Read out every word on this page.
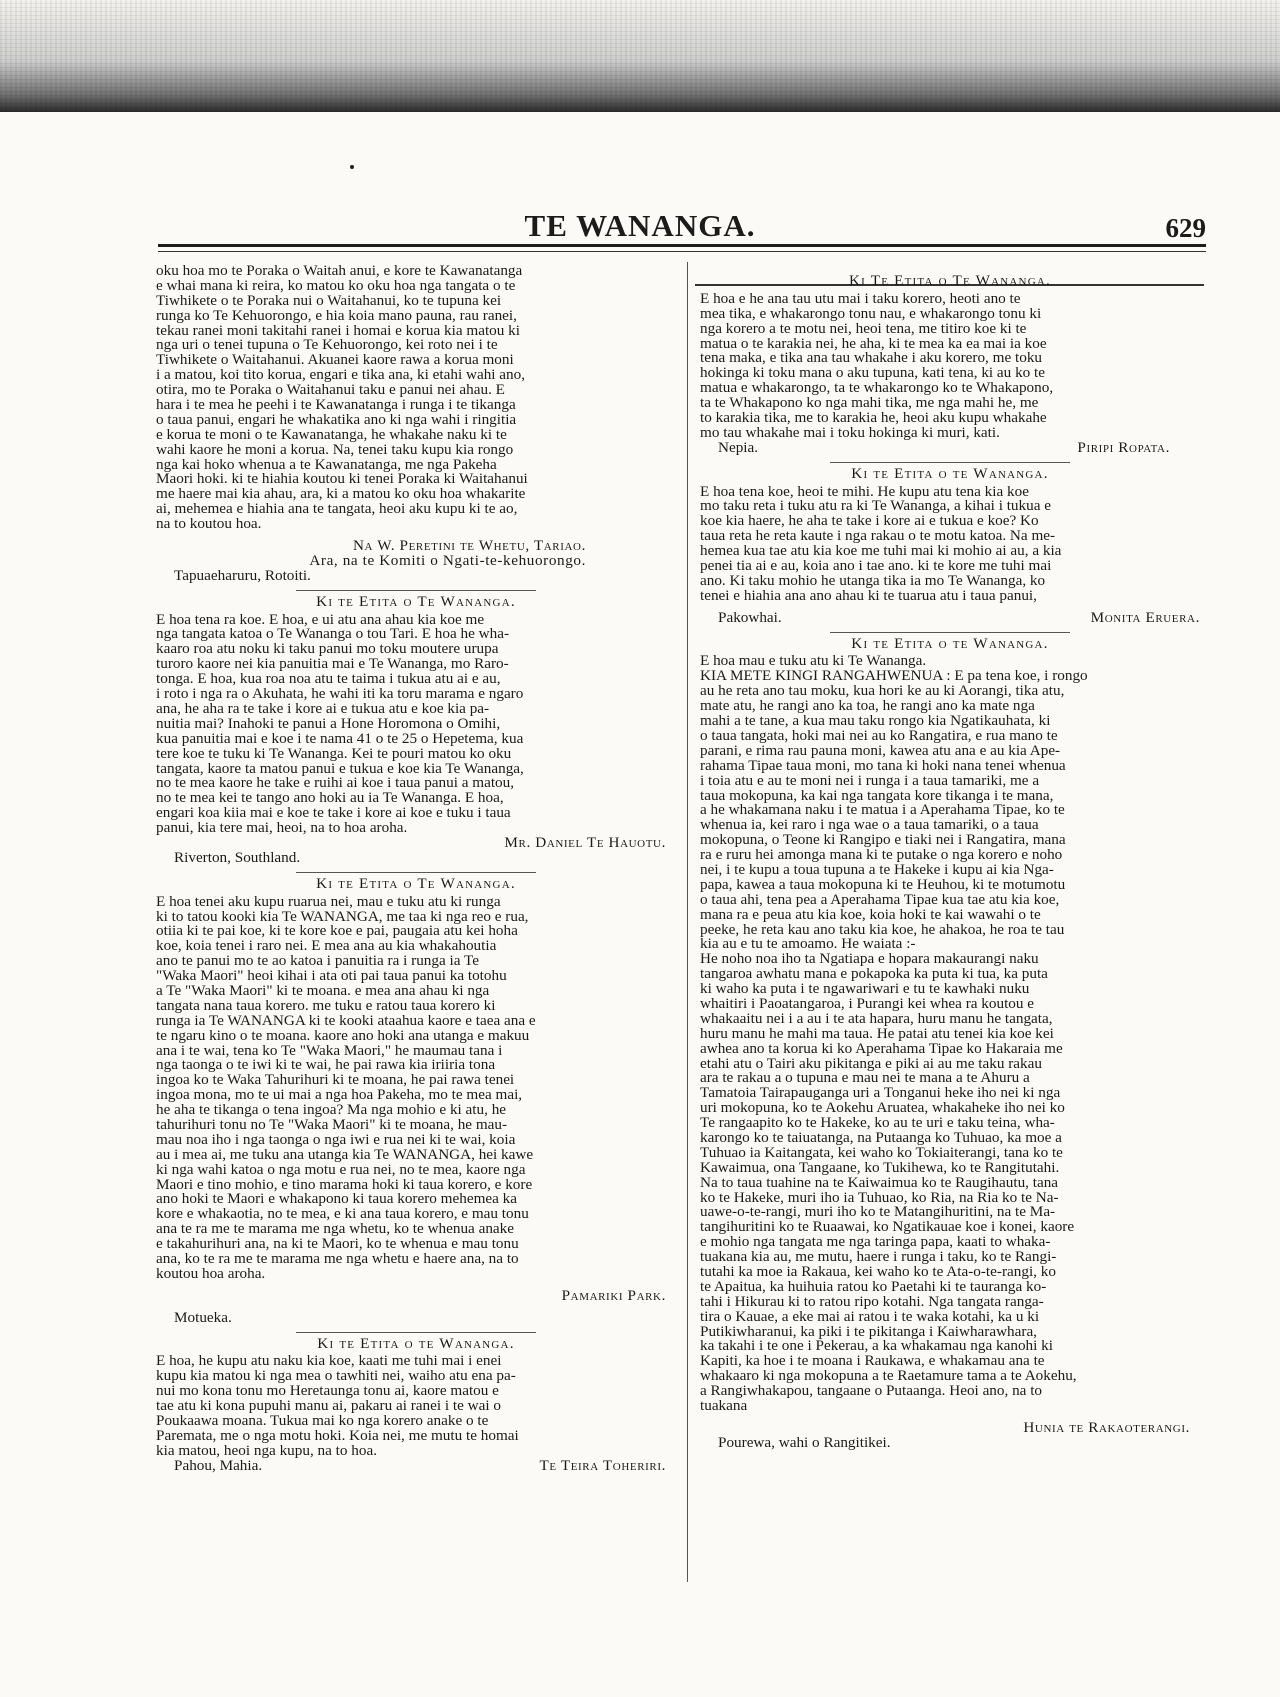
TE WANANGA.	629
oku hoa mo te Poraka o Waitah anui, e kore te Kawanatanga
e whai mana ki reira, ko matou ko oku hoa nga tangata o te
Tiwhikete o te Poraka nui o Waitahanui, ko te tupuna kei
runga ko Te Kehuorongo, e hia koia mano pauna, rau ranei,
tekau ranei moni takitahi ranei i homai e korua kia matou ki
nga uri o tenei tupuna o Te Kehuorongo, kei roto nei i te
Tiwhikete o Waitahanui. Akuanei kaore rawa a korua moni
i a matou, koi tito korua, engari e tika ana, ki etahi wahi ano,
otira, mo te Poraka o Waitahanui taku e panui nei ahau. E
hara i te mea he peehi i te Kawanatanga i runga i te tikanga
o taua panui, engari he whakatika ano ki nga wahi i ringitia
e korua te moni o te Kawanatanga, he whakahe naku ki te
wahi kaore he moni a korua. Na, tenei taku kupu kia rongo
nga kai hoko whenua a te Kawanatanga, me nga Pakeha
Maori hoki. ki te hiahia koutou ki tenei Poraka ki Waitahanui
me haere mai kia ahau, ara, ki a matou ko oku hoa whakarite
ai, mehemea e hiahia ana te tangata, heoi aku kupu ki te ao,
na to koutou hoa.
Na W. Peretini te Whetu, Tariao.
Ara, na te Komiti o Ngati-te-kehuorongo.
Tapuaeharuru, Rotoiti.
Ki te Etita o Te Wananga.
E hoa tena ra koe. E hoa, e ui atu ana ahau kia koe me
nga tangata katoa o Te Wananga o tou Tari. E hoa he wha-
kaaro roa atu noku ki taku panui mo toku moutere urupa
turoro kaore nei kia panuitia mai e Te Wananga, mo Raro-
tonga. E hoa, kua roa noa atu te taima i tukua atu ai e au,
i roto i nga ra o Akuhata, he wahi iti ka toru marama e ngaro
ana, he aha ra te take i kore ai e tukua atu e koe kia pa-
nuitia mai? Inahoki te panui a Hone Horomona o Omihi,
kua panuitia mai e koe i te nama 41 o te 25 o Hepetema, kua
tere koe te tuku ki Te Wananga. Kei te pouri matou ko oku
tangata, kaore ta matou panui e tukua e koe kia Te Wananga,
no te mea kaore he take e ruihi ai koe i taua panui a matou,
no te mea kei te tango ano hoki au ia Te Wananga. E hoa,
engari koa kiia mai e koe te take i kore ai koe e tuku i taua
panui, kia tere mai, heoi, na to hoa aroha.
Mr. Daniel Te Hauotu.
Riverton, Southland.
Ki te Etita o Te Wananga.
E hoa tenei aku kupu ruarua nei, mau e tuku atu ki runga
ki to tatou kooki kia Te WANANGA, me taa ki nga reo e rua,
otiia ki te pai koe, ki te kore koe e pai, paugaia atu kei hoha
koe, koia tenei i raro nei. E mea ana au kia whakahoutia
ano te panui mo te ao katoa i panuitia ra i runga ia Te
"Waka Maori" heoi kihai i ata oti pai taua panui ka totohu
a Te "Waka Maori" ki te moana. e mea ana ahau ki nga
tangata nana taua korero. me tuku e ratou taua korero ki
runga ia Te WANANGA ki te kooki ataahua kaore e taea ana e
te ngaru kino o te moana. kaore ano hoki ana utanga e makuu
ana i te wai, tena ko Te "Waka Maori," he maumau tana i
nga taonga o te iwi ki te wai, he pai rawa kia iriiria tona
ingoa ko te Waka Tahurihuri ki te moana, he pai rawa tenei
ingoa mona, mo te ui mai a nga hoa Pakeha, mo te mea mai,
he aha te tikanga o tena ingoa? Ma nga mohio e ki atu, he
tahurihuri tonu no Te "Waka Maori" ki te moana, he mau-
mau noa iho i nga taonga o nga iwi e rua nei ki te wai, koia
au i mea ai, me tuku ana utanga kia Te WANANGA, hei kawe
ki nga wahi katoa o nga motu e rua nei, no te mea, kaore nga
Maori e tino mohio, e tino marama hoki ki taua korero, e kore
ano hoki te Maori e whakapono ki taua korero mehemea ka
kore e whakaotia, no te mea, e ki ana taua korero, e mau tonu
ana te ra me te marama me nga whetu, ko te whenua anake
e takahurihuri ana, na ki te Maori, ko te whenua e mau tonu
ana, ko te ra me te marama me nga whetu e haere ana, na to
koutou hoa aroha.
Pamariki Park.
Motueka.
Ki te Etita o te Wananga.
E hoa, he kupu atu naku kia koe, kaati me tuhi mai i enei
kupu kia matou ki nga mea o tawhiti nei, waiho atu ena pa-
nui mo kona tonu mo Heretaunga tonu ai, kaore matou e
tae atu ki kona pupuhi manu ai, pakaru ai ranei i te wai o
Poukaawa moana. Tukua mai ko nga korero anake o te
Paremata, me o nga motu hoki. Koia nei, me mutu te homai
kia matou, heoi nga kupu, na to hoa.
Pahou, Mahia.	Te Teira Toheriri.
Ki Te Etita o Te Wananga.
E hoa e he ana tau utu mai i taku korero, heoti ano te
mea tika, e whakarongo tonu nau, e whakarongo tonu ki
nga korero a te motu nei, heoi tena, me titiro koe ki te
matua o te karakia nei, he aha, ki te mea ka ea mai ia koe
tena maka, e tika ana tau whakahe i aku korero, me toku
hokinga ki toku mana o aku tupuna, kati tena, ki au ko te
matua e whakarongo, ta te whakarongo ko te Whakapono,
ta te Whakapono ko nga mahi tika, me nga mahi he, me
to karakia tika, me to karakia he, heoi aku kupu whakahe
mo tau whakahe mai i toku hokinga ki muri, kati.
Nepia.	Piripi Ropata.
Ki te Etita o te Wananga.
E hoa tena koe, heoi te mihi. He kupu atu tena kia koe
mo taku reta i tuku atu ra ki Te Wananga, a kihai i tukua e
koe kia haere, he aha te take i kore ai e tukua e koe? Ko
taua reta he reta kaute i nga rakau o te motu katoa. Na me-
hemea kua tae atu kia koe me tuhi mai ki mohio ai au, a kia
penei tia ai e au, koia ano i tae ano. ki te kore me tuhi mai
ano. Ki taku mohio he utanga tika ia mo Te Wananga, ko
tenei e hiahia ana ano ahau ki te tuarua atu i taua panui,
Pakowhai.	Monita Eruera.
Ki te Etita o te Wananga.
E hoa mau e tuku atu ki Te Wananga.
KIA METE KINGI RANGAHWENUA : E pa tena koe, i rongo
au he reta ano tau moku, kua hori ke au ki Aorangi, tika atu,
mate atu, he rangi ano ka toa, he rangi ano ka mate nga
mahi a te tane, a kua mau taku rongo kia Ngatikauhata, ki
o taua tangata, hoki mai nei au ko Rangatira, e rua mano te
parani, e rima rau pauna moni, kawea atu ana e au kia Ape-
rahama Tipae taua moni, mo tana ki hoki nana tenei whenua
i toia atu e au te moni nei i runga i a taua tamariki, me a
taua mokopuna, ka kai nga tangata kore tikanga i te mana,
a he whakamana naku i te matua i a Aperahama Tipae, ko te
whenua ia, kei raro i nga wae o a taua tamariki, o a taua
mokopuna, o Teone ki Rangipo e tiaki nei i Rangatira, mana
ra e ruru hei amonga mana ki te putake o nga korero e noho
nei, i te kupu a toua tupuna a te Hakeke i kupu ai kia Nga-
papa, kawea a taua mokopuna ki te Heuhou, ki te motumotu
o taua ahi, tena pea a Aperahama Tipae kua tae atu kia koe,
mana ra e peua atu kia koe, koia hoki te kai wawahi o te
peeke, he reta kau ano taku kia koe, he ahakoa, he roa te tau
kia au e tu te amoamo. He waiata :-
He noho noa iho ta Ngatiapa e hopara makaurangi naku
tangaroa awhatu mana e pokapoka ka puta ki tua, ka puta
ki waho ka puta i te ngawariwari e tu te kawhaki nuku
whaitiri i Paoatangaroa, i Purangi kei whea ra koutou e
whakaaitu nei i a au i te ata hapara, huru manu he tangata,
huru manu he mahi ma taua. He patai atu tenei kia koe kei
awhea ano ta korua ki ko Aperahama Tipae ko Hakaraia me
etahi atu o Tairi aku pikitanga e piki ai au me taku rakau
ara te rakau a o tupuna e mau nei te mana a te Ahuru a
Tamatoia Tairapauganga uri a Tonganui heke iho nei ki nga
uri mokopuna, ko te Aokehu Aruatea, whakaheke iho nei ko
Te rangaapito ko te Hakeke, ko au te uri e taku teina, wha-
karongo ko te taiuatanga, na Putaanga ko Tuhuao, ka moe a
Tuhuao ia Kaitangata, kei waho ko Tokiaiterangi, tana ko te
Kawaimua, ona Tangaane, ko Tukihewa, ko te Rangitutahi.
Na to taua tuahine na te Kaiwaimua ko te Raugihautu, tana
ko te Hakeke, muri iho ia Tuhuao, ko Ria, na Ria ko te Na-
uawe-o-te-rangi, muri iho ko te Matangihuritini, na te Ma-
tangihuritini ko te Ruaawai, ko Ngatikauae koe i konei, kaore
e mohio nga tangata me nga taringa papa, kaati to whaka-
tuakana kia au, me mutu, haere i runga i taku, ko te Rangi-
tutahi ka moe ia Rakaua, kei waho ko te Ata-o-te-rangi, ko
te Apaitua, ka huihuia ratou ko Paetahi ki te tauranga ko-
tahi i Hikurau ki to ratou ripo kotahi. Nga tangata ranga-
tira o Kauae, a eke mai ai ratou i te waka kotahi, ka u ki
Putikiwharanui, ka piki i te pikitanga i Kaiwharawhara,
ka takahi i te one i Pekerau, a ka whakamau nga kanohi ki
Kapiti, ka hoe i te moana i Raukawa, e whakamau ana te
whakaaro ki nga mokopuna a te Raetamure tama a te Aokehu,
a Rangiwhakapou, tangaane o Putaanga. Heoi ano, na to
tuakana
Hunia te Rakaoterangi.
Pourewa, wahi o Rangitikei.
